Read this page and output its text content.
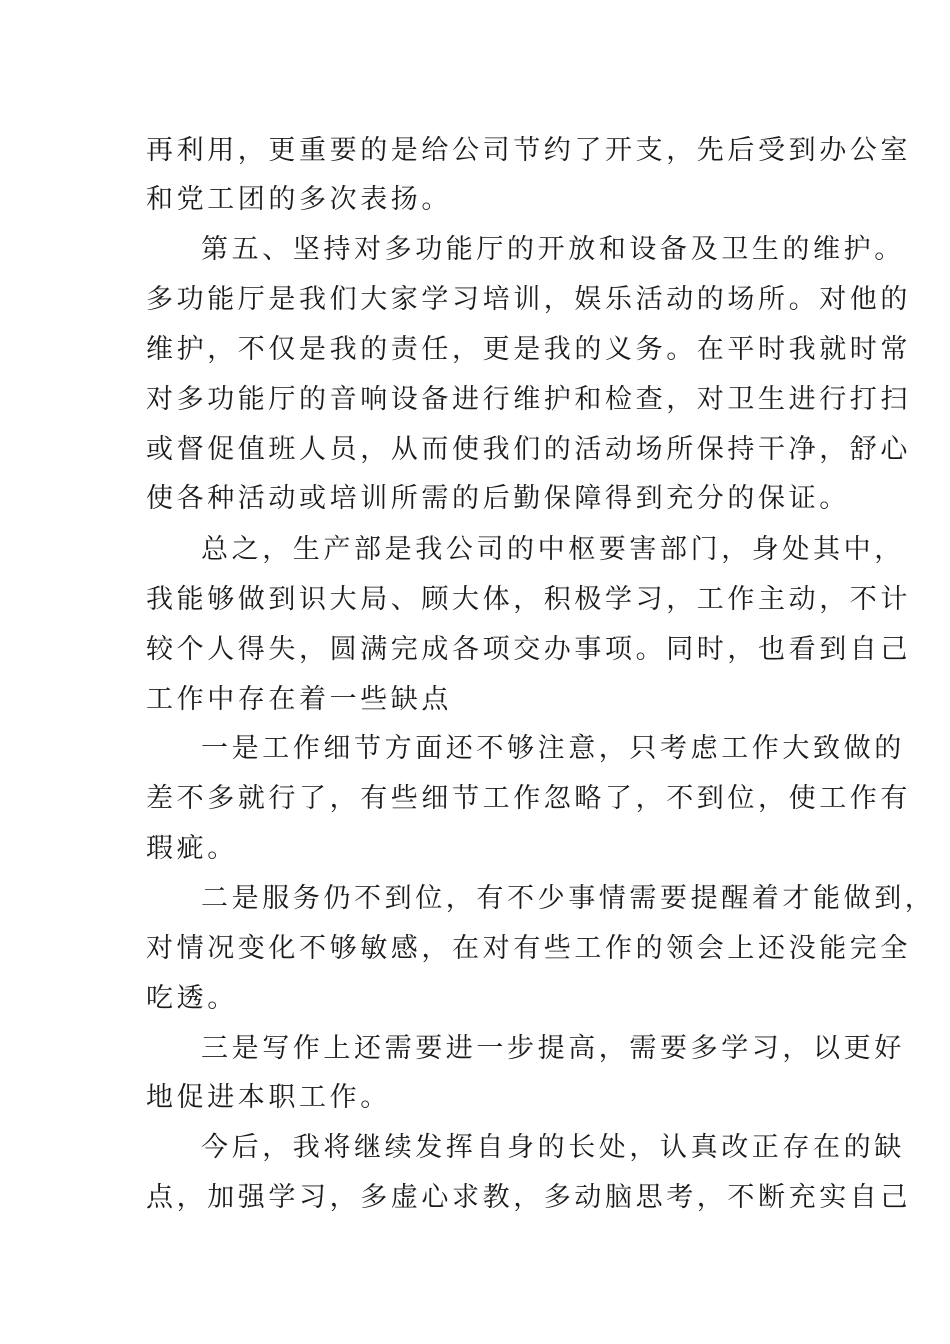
再利用，更重要的是给公司节约了开支，先后受到办公室
和党工团的多次表扬。
第五、坚持对多功能厅的开放和设备及卫生的维护。
多功能厅是我们大家学习培训，娱乐活动的场所。对他的
维护，不仅是我的责任，更是我的义务。在平时我就时常
对多功能厅的音响设备进行维护和检查，对卫生进行打扫
或督促值班人员，从而使我们的活动场所保持干净，舒心
使各种活动或培训所需的后勤保障得到充分的保证。
总之，生产部是我公司的中枢要害部门，身处其中，
我能够做到识大局、顾大体，积极学习，工作主动，不计
较个人得失，圆满完成各项交办事项。同时，也看到自己
工作中存在着一些缺点
一是工作细节方面还不够注意，只考虑工作大致做的
差不多就行了，有些细节工作忽略了，不到位，使工作有
瑕疵。
二是服务仍不到位，有不少事情需要提醒着才能做到，
对情况变化不够敏感，在对有些工作的领会上还没能完全
吃透。
三是写作上还需要进一步提高，需要多学习，以更好
地促进本职工作。
今后，我将继续发挥自身的长处，认真改正存在的缺
点，加强学习，多虚心求教，多动脑思考，不断充实自己
